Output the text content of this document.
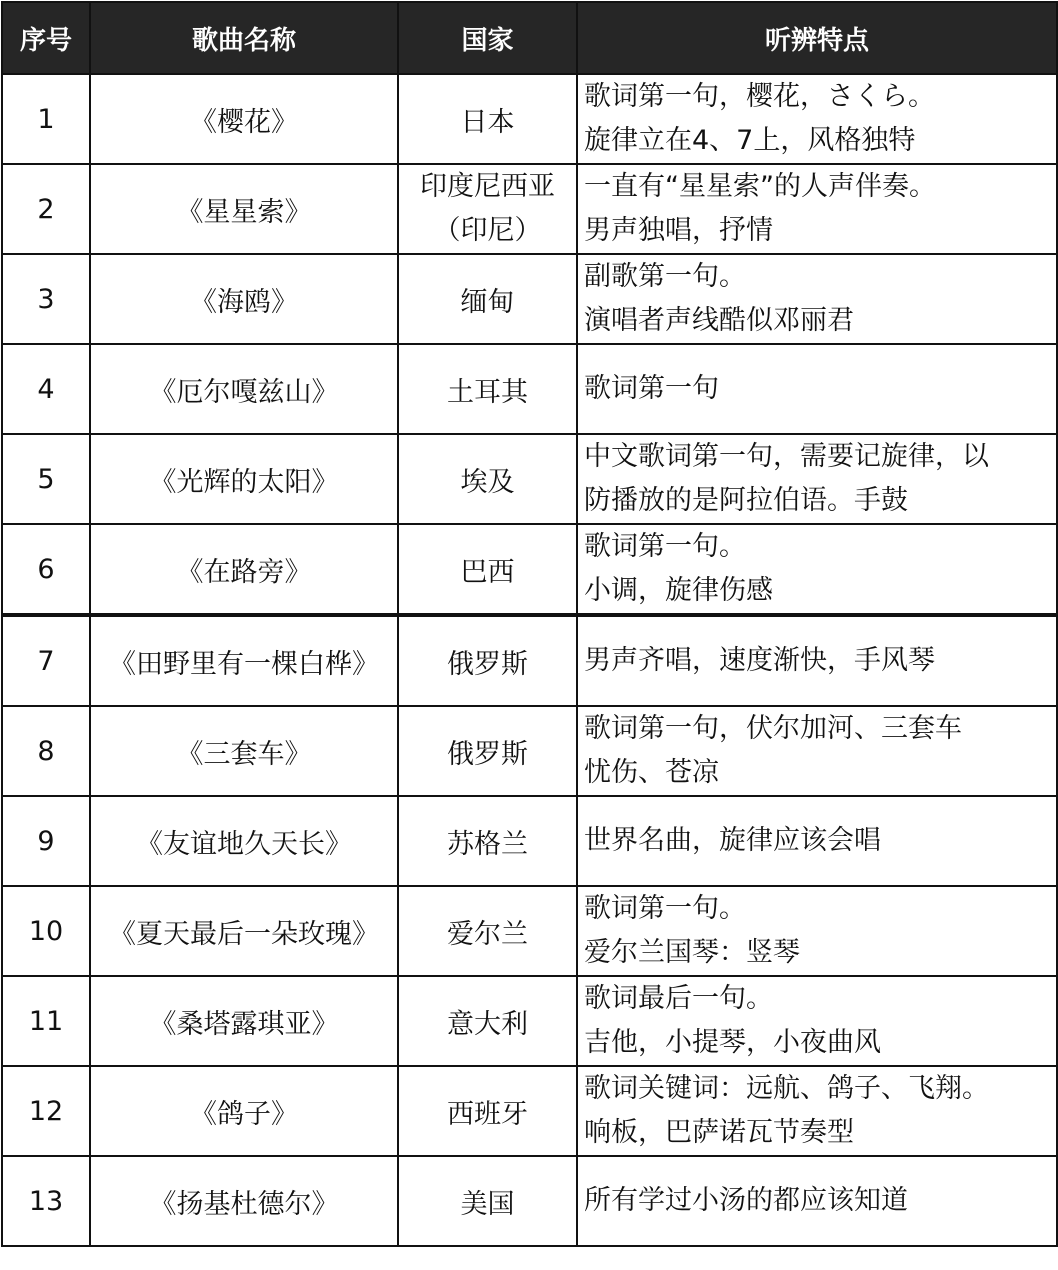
序号	歌曲名称	国家	听辨特点
1	《樱花》	日本	歌词第一句，樱花，さくら。
旋律立在4、7上，风格独特

2	《星星索》	印度尼西亚（印尼）	一直有“星星索”的人声伴奏。
男声独唱，抒情

3	《海鸥》	缅甸	副歌第一句。
演唱者声线酷似邓丽君

4	《厄尔嘎兹山》	土耳其	歌词第一句

5	《光辉的太阳》	埃及	中文歌词第一句，需要记旋律，以
防播放的是阿拉伯语。手鼓

6	《在路旁》	巴西	歌词第一句。
小调，旋律伤感

7	《田野里有一棵白桦》	俄罗斯	男声齐唱，速度渐快，手风琴

8	《三套车》	俄罗斯	歌词第一句，伏尔加河、三套车
忧伤、苍凉

9	《友谊地久天长》	苏格兰	世界名曲，旋律应该会唱

10	《夏天最后一朵玫瑰》	爱尔兰	歌词第一句。
爱尔兰国琴：竖琴

11	《桑塔露琪亚》	意大利	歌词最后一句。
吉他，小提琴，小夜曲风

12	《鸽子》	西班牙	歌词关键词：远航、鸽子、飞翔。
响板，巴萨诺瓦节奏型

13	《扬基杜德尔》	美国	所有学过小汤的都应该知道
